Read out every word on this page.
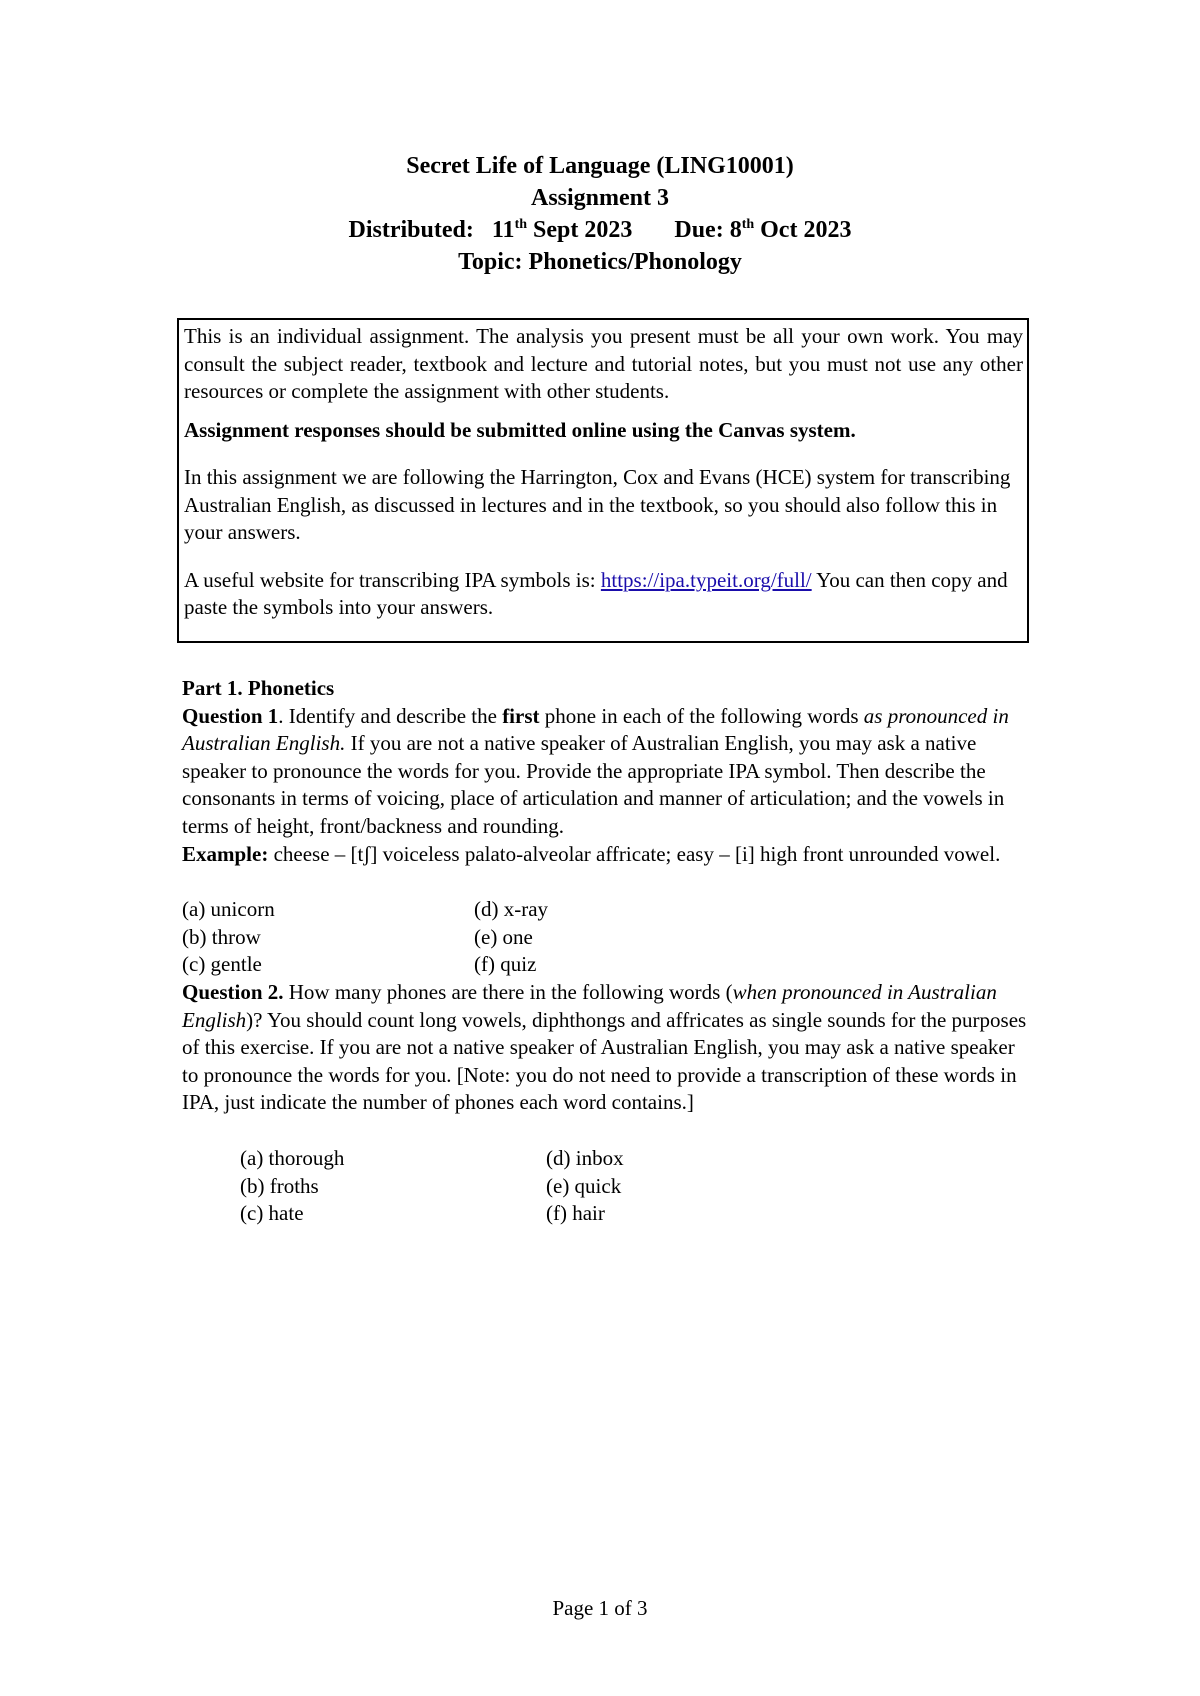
Secret Life of Language (LING10001)
Assignment 3
Distributed: 11th Sept 2023 Due: 8th Oct 2023
Topic: Phonetics/Phonology

This is an individual assignment. The analysis you present must be all your own work. You may consult the subject reader, textbook and lecture and tutorial notes, but you must not use any other resources or complete the assignment with other students.

Assignment responses should be submitted online using the Canvas system.

In this assignment we are following the Harrington, Cox and Evans (HCE) system for transcribing Australian English, as discussed in lectures and in the textbook, so you should also follow this in your answers.

A useful website for transcribing IPA symbols is: https://ipa.typeit.org/full/ You can then copy and paste the symbols into your answers.

Part 1. Phonetics

Question 1. Identify and describe the first phone in each of the following words as pronounced in Australian English. If you are not a native speaker of Australian English, you may ask a native speaker to pronounce the words for you. Provide the appropriate IPA symbol. Then describe the consonants in terms of voicing, place of articulation and manner of articulation; and the vowels in terms of height, front/backness and rounding.

Example: cheese – [tʃ] voiceless palato-alveolar affricate; easy – [i] high front unrounded vowel.

(a) unicorn	(d) x-ray
(b) throw	(e) one
(c) gentle	(f) quiz

Question 2. How many phones are there in the following words (when pronounced in Australian English)? You should count long vowels, diphthongs and affricates as single sounds for the purposes of this exercise. If you are not a native speaker of Australian English, you may ask a native speaker to pronounce the words for you. [Note: you do not need to provide a transcription of these words in IPA, just indicate the number of phones each word contains.]

(a) thorough	(d) inbox
(b) froths	(e) quick
(c) hate	(f) hair
Page 1 of 3
